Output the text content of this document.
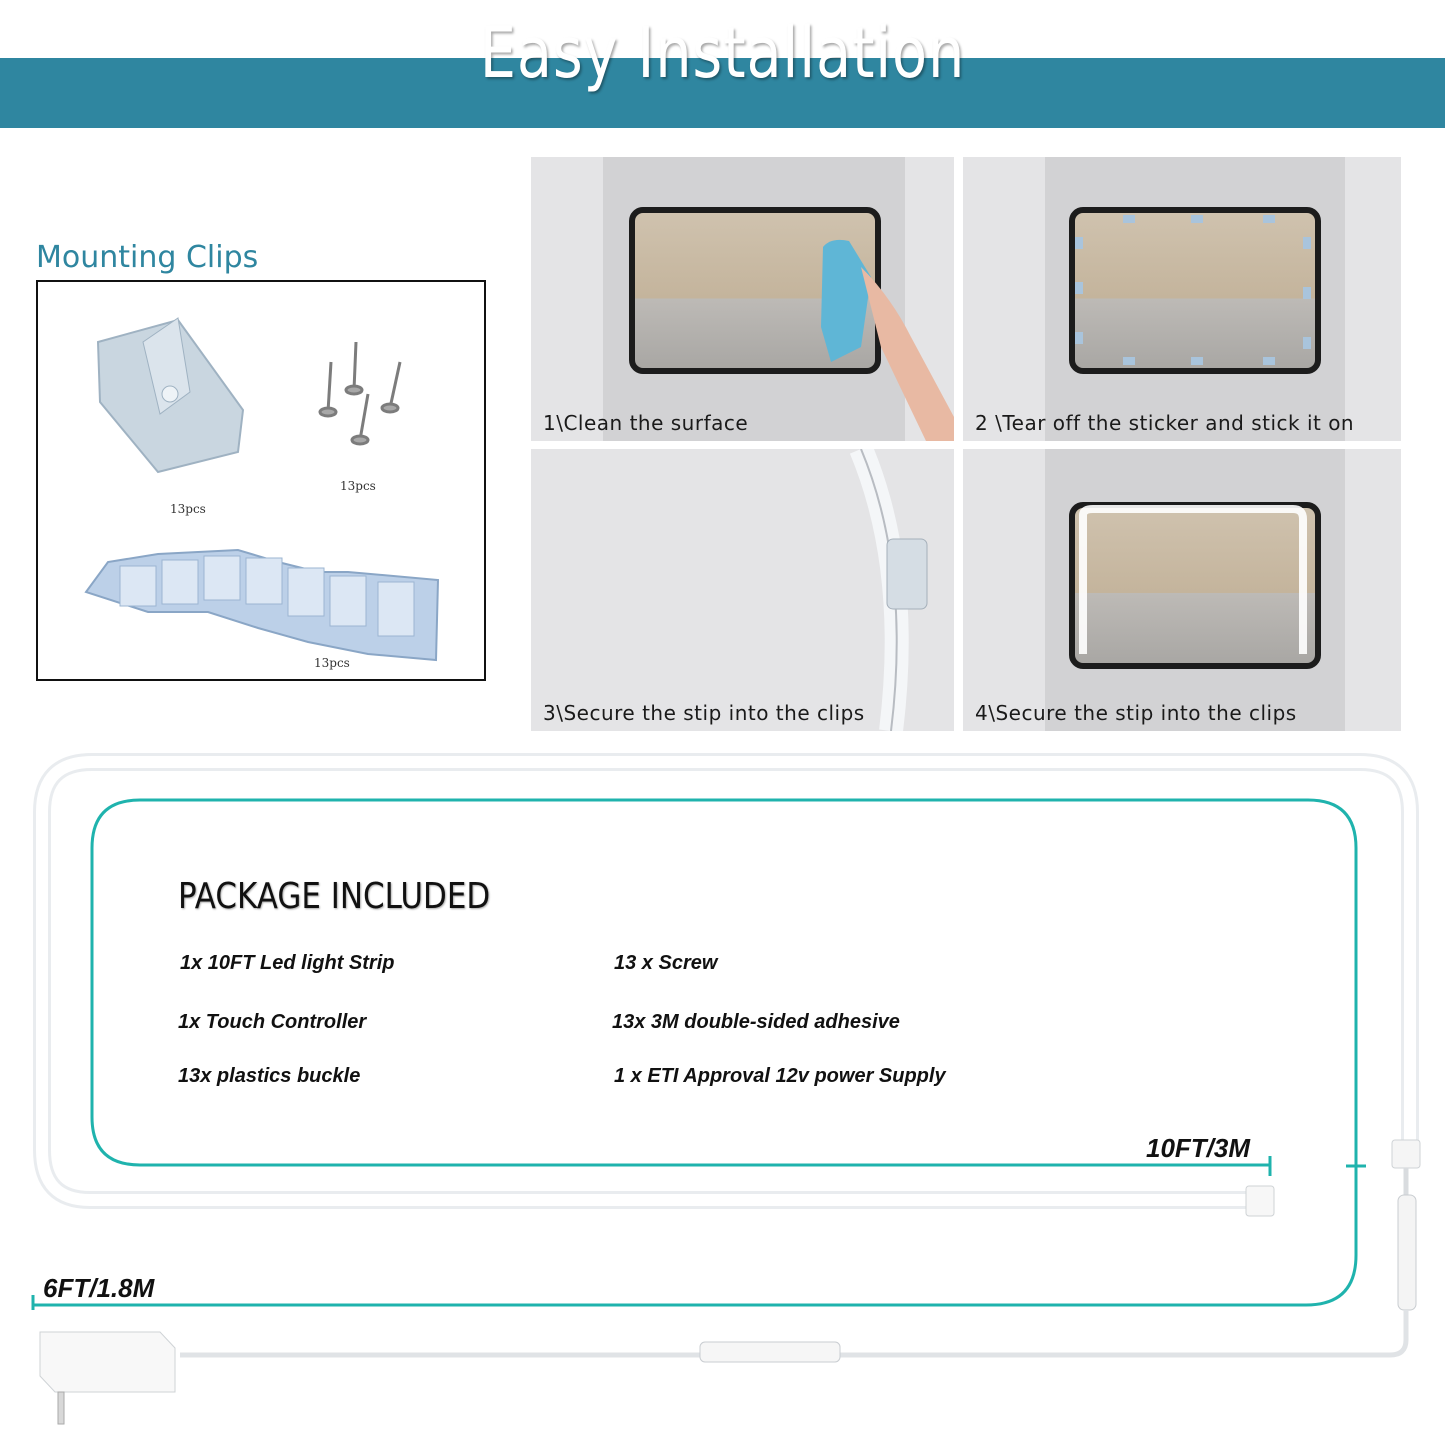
Easy Installation
Mounting Clips
13pcs
13pcs
13pcs
1\Clean the surface	2 \Tear off the sticker and stick it on
3\Secure the stip into the clips	4\Secure the stip into the clips
PACKAGE INCLUDED
1x 10FT Led light Strip
1x Touch Controller
13x plastics buckle
13 x Screw
13x 3M double-sided adhesive
1 x ETI Approval 12v power Supply
10FT/3M
6FT/1.8M
